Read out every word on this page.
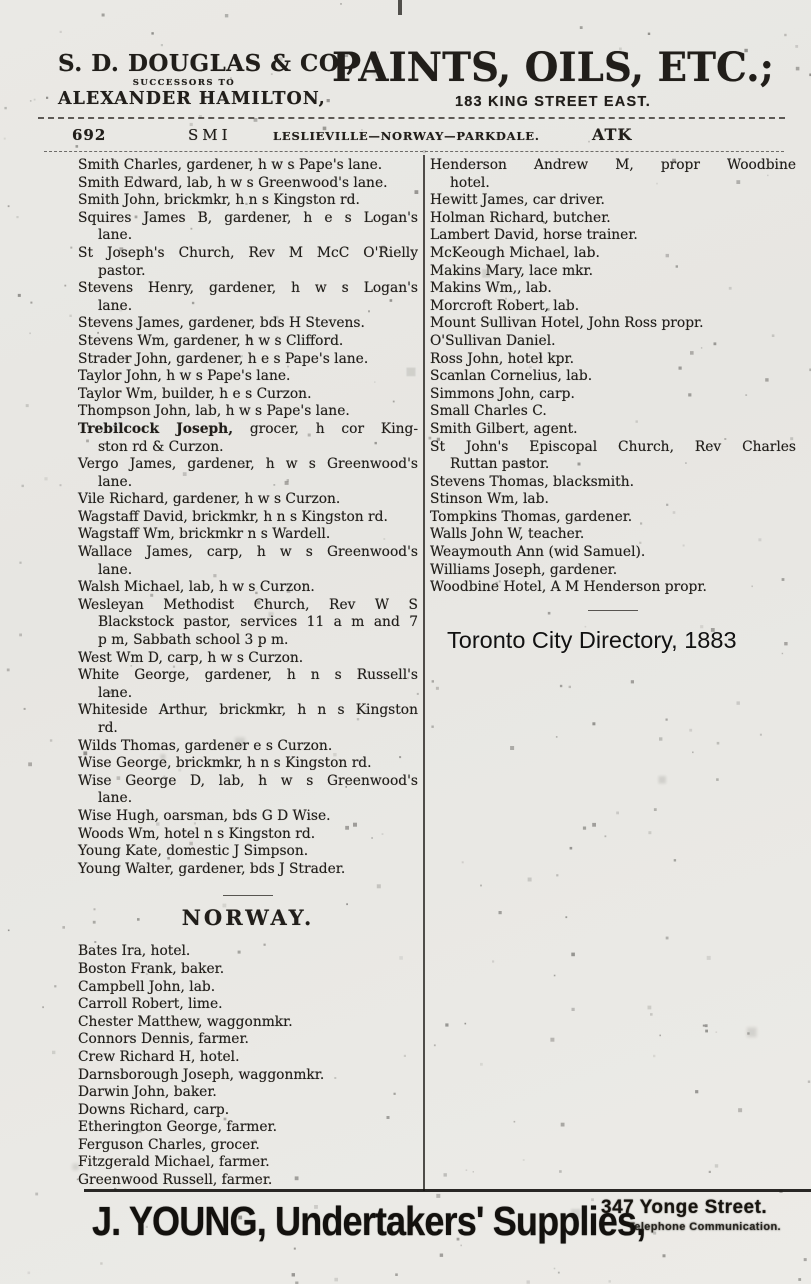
S. D. DOUGLAS & CO.,
SUCCESSORS TO
ALEXANDER HAMILTON,
PAINTS, OILS, ETC.;
183 KING STREET EAST.
692	SMI	LESLIEVILLE—NORWAY—PARKDALE.	ATK
Smith Charles, gardener, h w s Pape's lane.
Smith Edward, lab, h w s Greenwood's lane.
Smith John, brickmkr, h n s Kingston rd.
Squires James B, gardener, h e s Logan's
lane.
St Joseph's Church, Rev M McC O'Rielly
pastor.
Stevens Henry, gardener, h w s Logan's
lane.
Stevens James, gardener, bds H Stevens.
Stevens Wm, gardener, h w s Clifford.
Strader John, gardener, h e s Pape's lane.
Taylor John, h w s Pape's lane.
Taylor Wm, builder, h e s Curzon.
Thompson John, lab, h w s Pape's lane.
Trebilcock Joseph, grocer, h cor King-
ston rd & Curzon.
Vergo James, gardener, h w s Greenwood's
lane.
Vile Richard, gardener, h w s Curzon.
Wagstaff David, brickmkr, h n s Kingston rd.
Wagstaff Wm, brickmkr n s Wardell.
Wallace James, carp, h w s Greenwood's
lane.
Walsh Michael, lab, h w s Curzon.
Wesleyan Methodist Church, Rev W S
Blackstock pastor, services 11 a m and 7
p m, Sabbath school 3 p m.
West Wm D, carp, h w s Curzon.
White George, gardener, h n s Russell's
lane.
Whiteside Arthur, brickmkr, h n s Kingston
rd.
Wilds Thomas, gardener e s Curzon.
Wise George, brickmkr, h n s Kingston rd.
Wise George D, lab, h w s Greenwood's
lane.
Wise Hugh, oarsman, bds G D Wise.
Woods Wm, hotel n s Kingston rd.
Young Kate, domestic J Simpson.
Young Walter, gardener, bds J Strader.
NORWAY.
Bates Ira, hotel.
Boston Frank, baker.
Campbell John, lab.
Carroll Robert, lime.
Chester Matthew, waggonmkr.
Connors Dennis, farmer.
Crew Richard H, hotel.
Darnsborough Joseph, waggonmkr.
Darwin John, baker.
Downs Richard, carp.
Etherington George, farmer.
Ferguson Charles, grocer.
Fitzgerald Michael, farmer.
Greenwood Russell, farmer.
Henderson Andrew M, propr Woodbine
hotel.
Hewitt James, car driver.
Holman Richard, butcher.
Lambert David, horse trainer.
McKeough Michael, lab.
Makins Mary, lace mkr.
Makins Wm,, lab.
Morcroft Robert, lab.
Mount Sullivan Hotel, John Ross propr.
O'Sullivan Daniel.
Ross John, hotel kpr.
Scanlan Cornelius, lab.
Simmons John, carp.
Small Charles C.
Smith Gilbert, agent.
St John's Episcopal Church, Rev Charles
Ruttan pastor.
Stevens Thomas, blacksmith.
Stinson Wm, lab.
Tompkins Thomas, gardener.
Walls John W, teacher.
Weaymouth Ann (wid Samuel).
Williams Joseph, gardener.
Woodbine Hotel, A M Henderson propr.
Toronto City Directory, 1883
J. YOUNG, Undertakers' Supplies,
347 Yonge Street.
Telephone Communication.
